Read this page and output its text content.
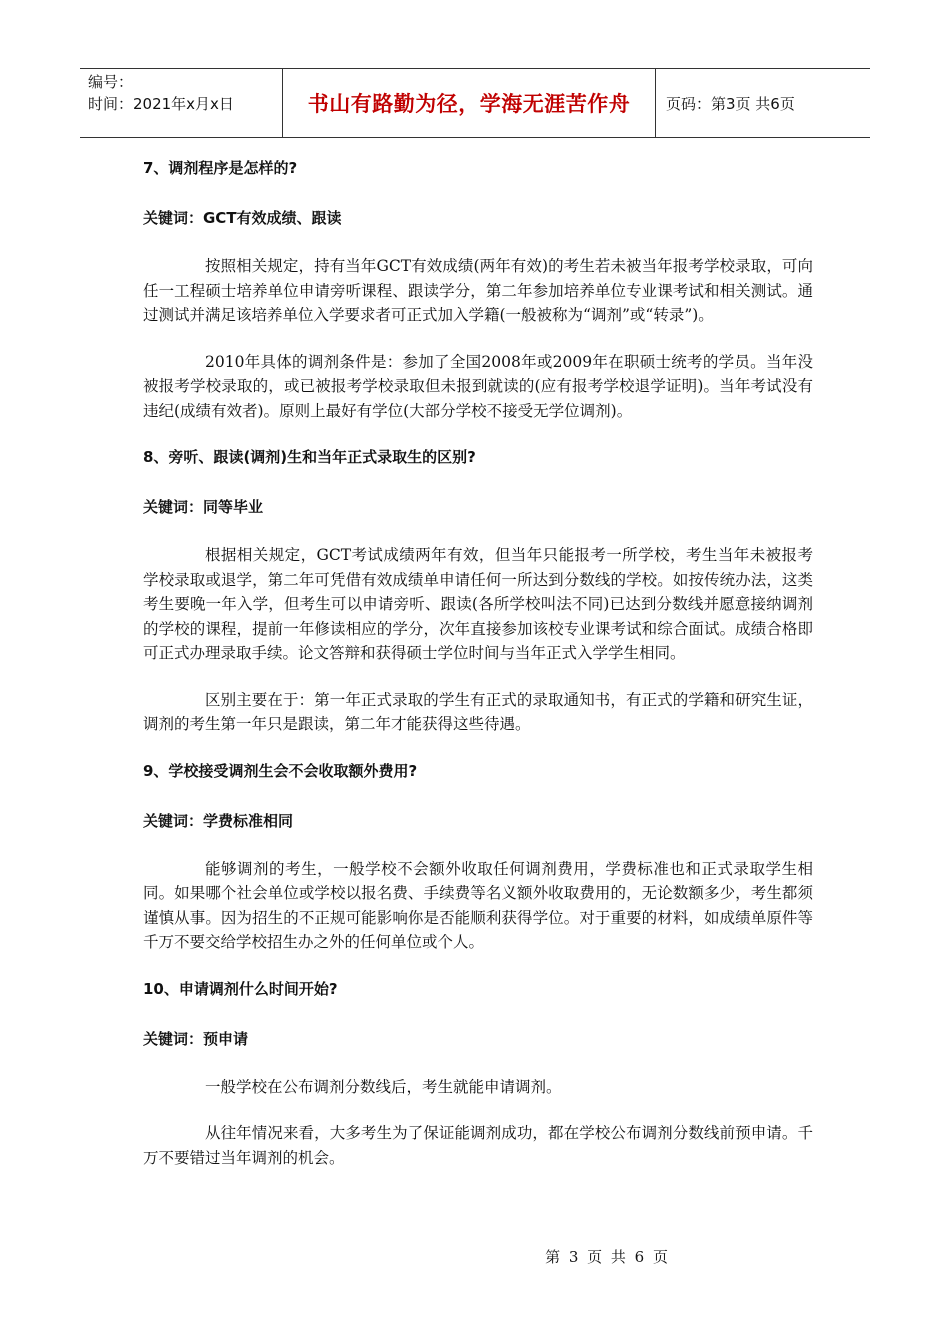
编号：
时间：2021年x月x日	书山有路勤为径，学海无涯苦作舟	页码：第3页 共6页

7、调剂程序是怎样的?

关键词：GCT有效成绩、跟读

按照相关规定，持有当年GCT有效成绩(两年有效)的考生若未被当年报考学校录取，可向任一工程硕士培养单位申请旁听课程、跟读学分，第二年参加培养单位专业课考试和相关测试。通过测试并满足该培养单位入学要求者可正式加入学籍(一般被称为“调剂”或“转录”)。

2010年具体的调剂条件是：参加了全国2008年或2009年在职硕士统考的学员。当年没被报考学校录取的，或已被报考学校录取但未报到就读的(应有报考学校退学证明)。当年考试没有违纪(成绩有效者)。原则上最好有学位(大部分学校不接受无学位调剂)。

8、旁听、跟读(调剂)生和当年正式录取生的区别?

关键词：同等毕业

根据相关规定，GCT考试成绩两年有效，但当年只能报考一所学校，考生当年未被报考学校录取或退学，第二年可凭借有效成绩单申请任何一所达到分数线的学校。如按传统办法，这类考生要晚一年入学，但考生可以申请旁听、跟读(各所学校叫法不同)已达到分数线并愿意接纳调剂的学校的课程，提前一年修读相应的学分，次年直接参加该校专业课考试和综合面试。成绩合格即可正式办理录取手续。论文答辩和获得硕士学位时间与当年正式入学学生相同。

区别主要在于：第一年正式录取的学生有正式的录取通知书，有正式的学籍和研究生证，调剂的考生第一年只是跟读，第二年才能获得这些待遇。

9、学校接受调剂生会不会收取额外费用?

关键词：学费标准相同

能够调剂的考生，一般学校不会额外收取任何调剂费用，学费标准也和正式录取学生相同。如果哪个社会单位或学校以报名费、手续费等名义额外收取费用的，无论数额多少，考生都须谨慎从事。因为招生的不正规可能影响你是否能顺利获得学位。对于重要的材料，如成绩单原件等千万不要交给学校招生办之外的任何单位或个人。

10、申请调剂什么时间开始?

关键词：预申请

一般学校在公布调剂分数线后，考生就能申请调剂。

从往年情况来看，大多考生为了保证能调剂成功，都在学校公布调剂分数线前预申请。千万不要错过当年调剂的机会。

第 3 页 共 6 页
